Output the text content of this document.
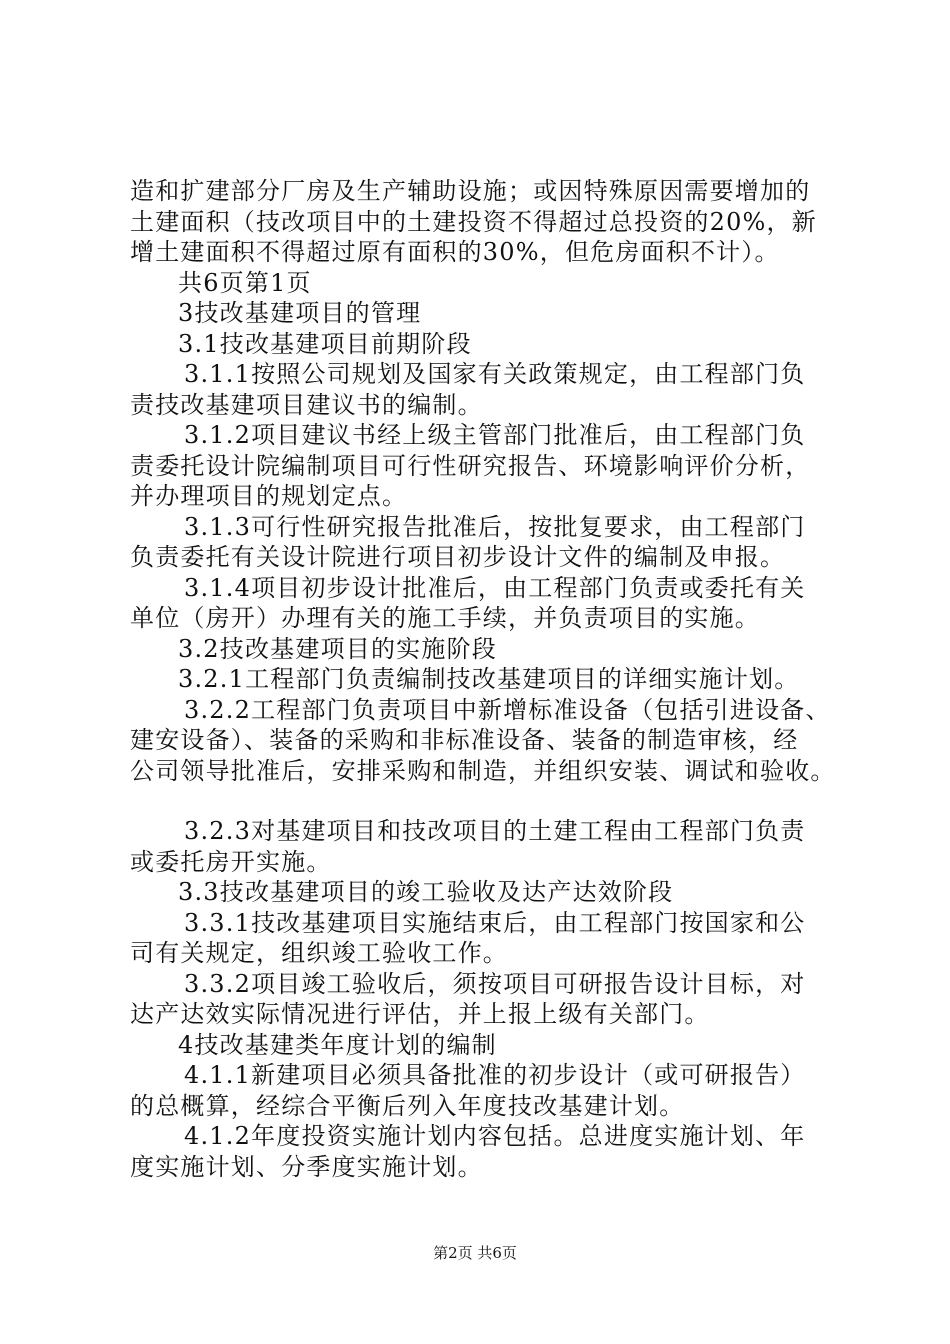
造和扩建部分厂房及生产辅助设施；或因特殊原因需要增加的
土建面积（技改项目中的土建投资不得超过总投资的20%，新
增土建面积不得超过原有面积的30%，但危房面积不计）。
共6页第1页
3技改基建项目的管理
3.1技改基建项目前期阶段
3.1.1按照公司规划及国家有关政策规定，由工程部门负
责技改基建项目建议书的编制。
3.1.2项目建议书经上级主管部门批准后，由工程部门负
责委托设计院编制项目可行性研究报告、环境影响评价分析，
并办理项目的规划定点。
3.1.3可行性研究报告批准后，按批复要求，由工程部门
负责委托有关设计院进行项目初步设计文件的编制及申报。
3.1.4项目初步设计批准后，由工程部门负责或委托有关
单位（房开）办理有关的施工手续，并负责项目的实施。
3.2技改基建项目的实施阶段
3.2.1工程部门负责编制技改基建项目的详细实施计划。
3.2.2工程部门负责项目中新增标准设备（包括引进设备、
建安设备）、装备的采购和非标准设备、装备的制造审核，经
公司领导批准后，安排采购和制造，并组织安装、调试和验收。
3.2.3对基建项目和技改项目的土建工程由工程部门负责
或委托房开实施。
3.3技改基建项目的竣工验收及达产达效阶段
3.3.1技改基建项目实施结束后，由工程部门按国家和公
司有关规定，组织竣工验收工作。
3.3.2项目竣工验收后，须按项目可研报告设计目标，对
达产达效实际情况进行评估，并上报上级有关部门。
4技改基建类年度计划的编制
4.1.1新建项目必须具备批准的初步设计（或可研报告）
的总概算，经综合平衡后列入年度技改基建计划。
4.1.2年度投资实施计划内容包括。总进度实施计划、年
度实施计划、分季度实施计划。
第2页 共6页
